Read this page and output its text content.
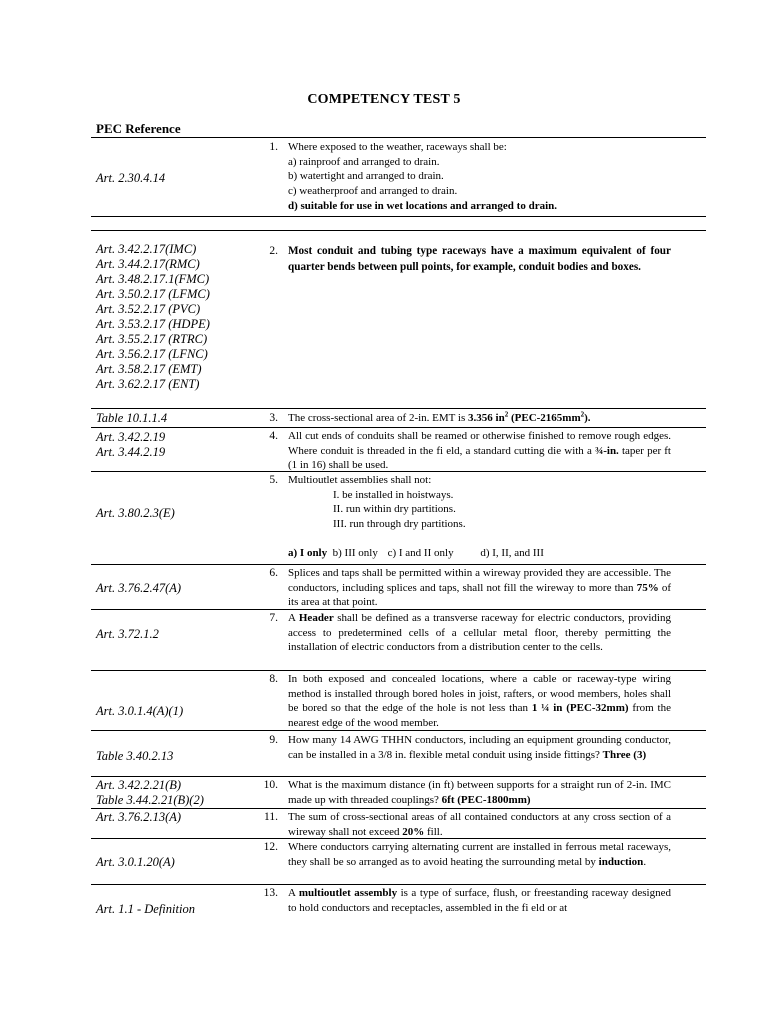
COMPETENCY TEST 5
PEC Reference
Art. 2.30.4.14
1. Where exposed to the weather, raceways shall be:
a) rainproof and arranged to drain.
b) watertight and arranged to drain.
c) weatherproof and arranged to drain.
d) suitable for use in wet locations and arranged to drain.
Art. 3.42.2.17(IMC)
Art. 3.44.2.17(RMC)
Art. 3.48.2.17.1(FMC)
Art. 3.50.2.17 (LFMC)
Art. 3.52.2.17 (PVC)
Art. 3.53.2.17 (HDPE)
Art. 3.55.2.17 (RTRC)
Art. 3.56.2.17 (LFNC)
Art. 3.58.2.17 (EMT)
Art. 3.62.2.17 (ENT)
2. Most conduit and tubing type raceways have a maximum equivalent of four quarter bends between pull points, for example, conduit bodies and boxes.
Table 10.1.1.4	3. The cross-sectional area of 2-in. EMT is 3.356 $in^2$ $(PEC-2165mm^2)$.
Art. 3.42.2.19
Art. 3.44.2.19
4. All cut ends of conduits shall be reamed or otherwise finished to remove rough edges. Where conduit is threaded in the fi eld, a standard cutting die with a ¾-in. taper per ft (1 in 16) shall be used.
Art. 3.80.2.3(E)
5. Multioutlet assemblies shall not:
I. be installed in hoistways.
II. run within dry partitions.
III. run through dry partitions.
a) I only b) III only c) I and II only d) I, II, and III
Art. 3.76.2.47(A)
6. Splices and taps shall be permitted within a wireway provided they are accessible. The conductors, including splices and taps, shall not fill the wireway to more than 75% of its area at that point.
Art. 3.72.1.2
7. A Header shall be defined as a transverse raceway for electric conductors, providing access to predetermined cells of a cellular metal floor, thereby permitting the installation of electric conductors from a distribution center to the cells.
Art. 3.0.1.4(A)(1)
8. In both exposed and concealed locations, where a cable or raceway-type wiring method is installed through bored holes in joist, rafters, or wood members, holes shall be bored so that the edge of the hole is not less than 1 ¼ in (PEC-32mm) from the nearest edge of the wood member.
Table 3.40.2.13
9. How many 14 AWG THHN conductors, including an equipment grounding conductor, can be installed in a 3/8 in. flexible metal conduit using inside fittings? Three (3)
Art. 3.42.2.21(B)
Table 3.44.2.21(B)(2)
10. What is the maximum distance (in ft) between supports for a straight run of 2-in. IMC made up with threaded couplings? 6ft (PEC-1800mm)
Art. 3.76.2.13(A)	11. The sum of cross-sectional areas of all contained conductors at any cross section of a wireway shall not exceed 20% fill.
Art. 3.0.1.20(A)
12. Where conductors carrying alternating current are installed in ferrous metal raceways, they shall be so arranged as to avoid heating the surrounding metal by induction.
Art. 1.1 - Definition
13. A multioutlet assembly is a type of surface, flush, or freestanding raceway designed to hold conductors and receptacles, assembled in the fi eld or at
